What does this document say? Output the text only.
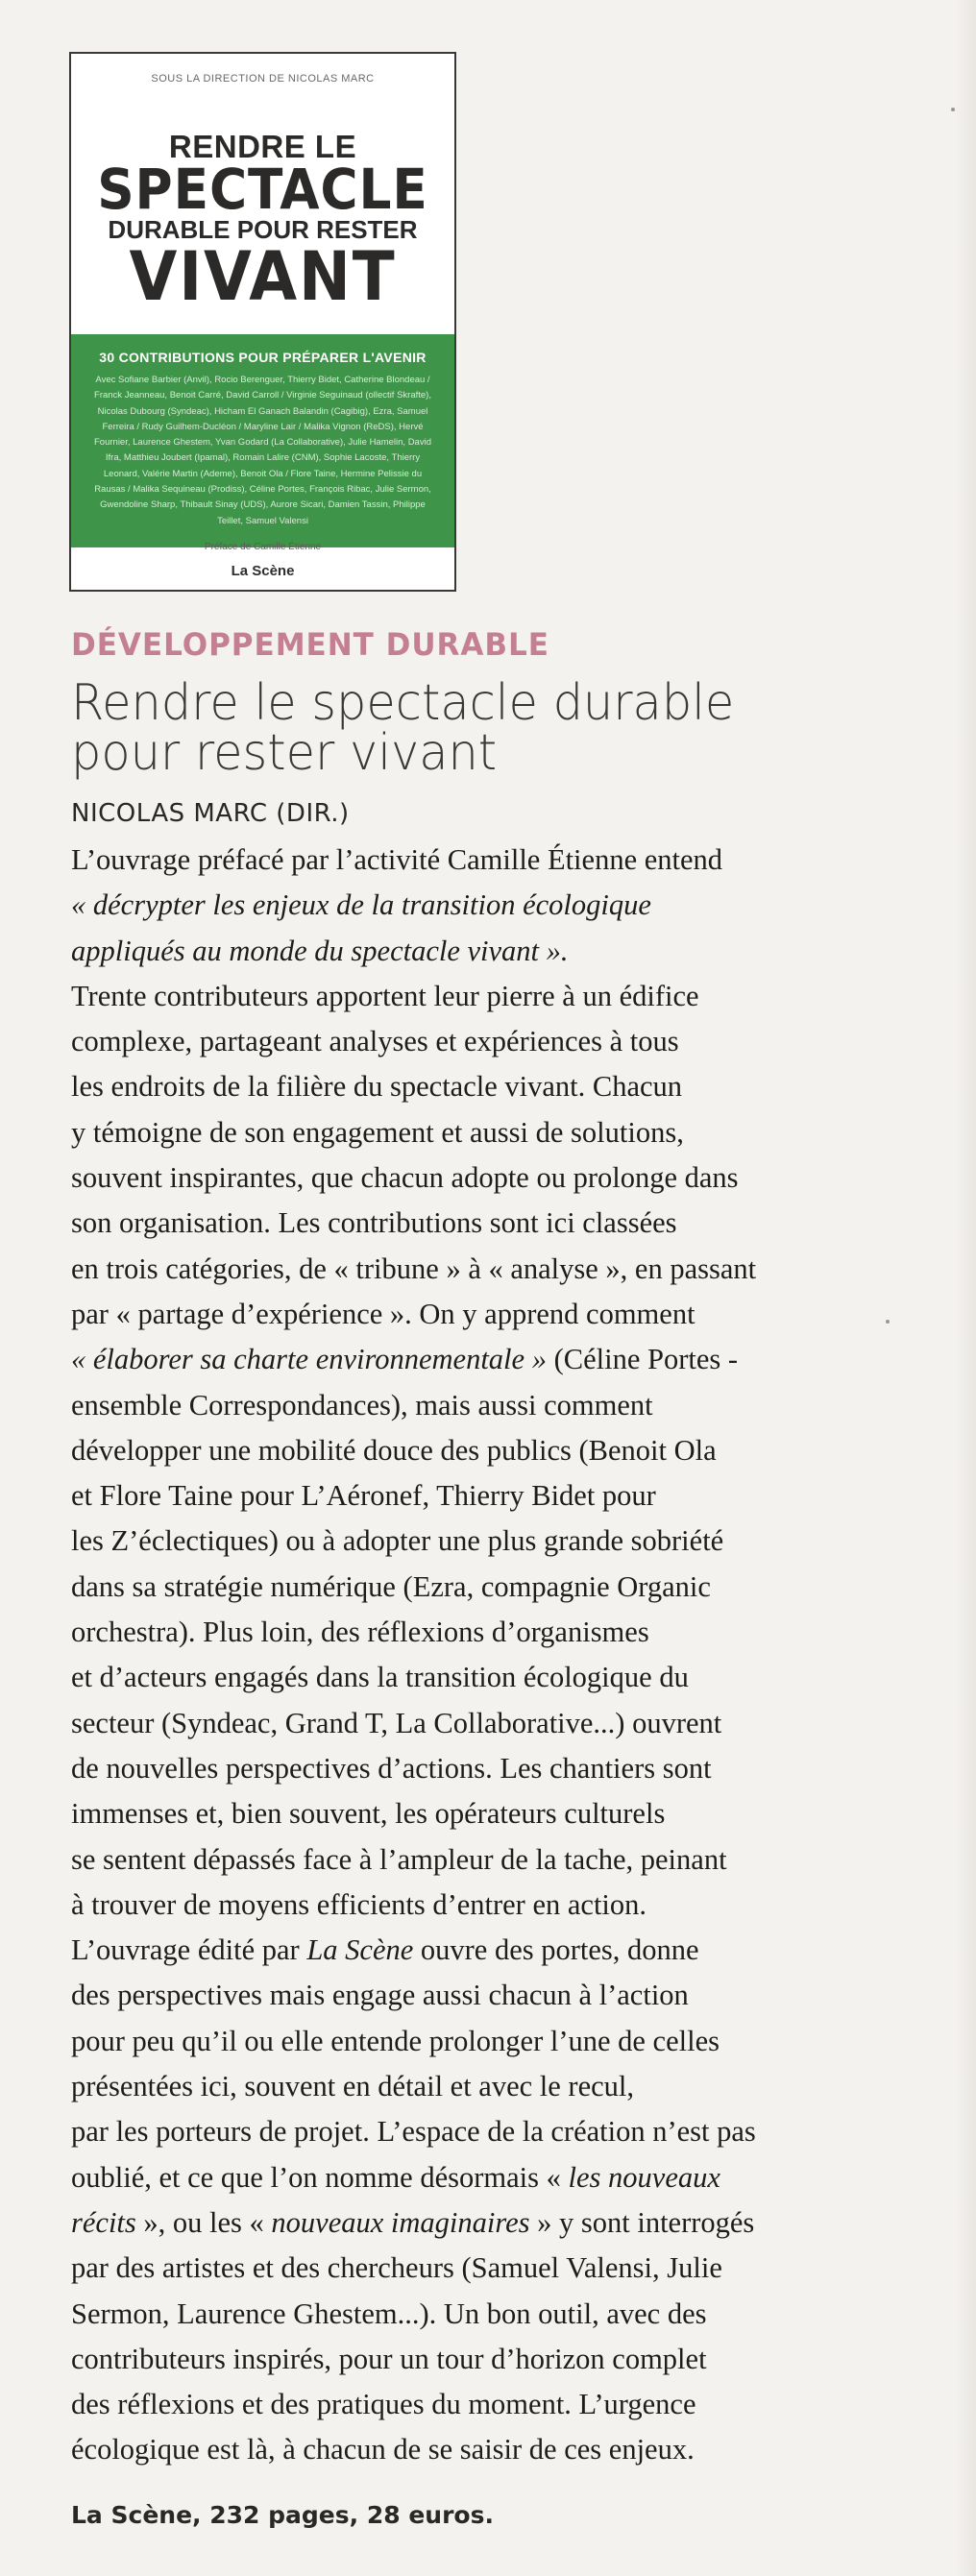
SOUS LA DIRECTION DE NICOLAS MARC
RENDRE LE
SPECTACLE
DURABLE POUR RESTER
VIVANT
30 CONTRIBUTIONS POUR PRÉPARER L'AVENIR
Avec Sofiane Barbier (Anvil), Rocio Berenguer, Thierry Bidet, Catherine Blondeau / Franck Jeanneau, Benoit Carré, David Carroll / Virginie Seguinaud (ollectif Skrafte), Nicolas Dubourg (Syndeac), Hicham El Ganach Balandin (Cagibig), Ezra, Samuel Ferreira / Rudy Guilhem-Ducléon / Maryline Lair / Malika Vignon (ReDS), Hervé Fournier, Laurence Ghestem, Yvan Godard (La Collaborative), Julie Hamelin, David Ifra, Matthieu Joubert (Ipamal), Romain Lalire (CNM), Sophie Lacoste, Thierry Leonard, Valérie Martin (Ademe), Benoit Ola / Flore Taine, Hermine Pelissie du Rausas / Malika Sequineau (Prodiss), Céline Portes, François Ribac, Julie Sermon, Gwendoline Sharp, Thibault Sinay (UDS), Aurore Sicari, Damien Tassin, Philippe Teillet, Samuel Valensi
Préface de Camille Étienne
La Scène
DÉVELOPPEMENT DURABLE
Rendre le spectacle durable
pour rester vivant
NICOLAS MARC (DIR.)
L’ouvrage préfacé par l’activité Camille Étienne entend
« décrypter les enjeux de la transition écologique
appliqués au monde du spectacle vivant ».
Trente contributeurs apportent leur pierre à un édifice
complexe, partageant analyses et expériences à tous
les endroits de la filière du spectacle vivant. Chacun
y témoigne de son engagement et aussi de solutions,
souvent inspirantes, que chacun adopte ou prolonge dans
son organisation. Les contributions sont ici classées
en trois catégories, de « tribune » à « analyse », en passant
par « partage d’expérience ». On y apprend comment
« élaborer sa charte environnementale » (Céline Portes -
ensemble Correspondances), mais aussi comment
développer une mobilité douce des publics (Benoit Ola
et Flore Taine pour L’Aéronef, Thierry Bidet pour
les Z’éclectiques) ou à adopter une plus grande sobriété
dans sa stratégie numérique (Ezra, compagnie Organic
orchestra). Plus loin, des réflexions d’organismes
et d’acteurs engagés dans la transition écologique du
secteur (Syndeac, Grand T, La Collaborative...) ouvrent
de nouvelles perspectives d’actions. Les chantiers sont
immenses et, bien souvent, les opérateurs culturels
se sentent dépassés face à l’ampleur de la tache, peinant
à trouver de moyens efficients d’entrer en action.
L’ouvrage édité par La Scène ouvre des portes, donne
des perspectives mais engage aussi chacun à l’action
pour peu qu’il ou elle entende prolonger l’une de celles
présentées ici, souvent en détail et avec le recul,
par les porteurs de projet. L’espace de la création n’est pas
oublié, et ce que l’on nomme désormais « les nouveaux
récits », ou les « nouveaux imaginaires » y sont interrogés
par des artistes et des chercheurs (Samuel Valensi, Julie
Sermon, Laurence Ghestem...). Un bon outil, avec des
contributeurs inspirés, pour un tour d’horizon complet
des réflexions et des pratiques du moment. L’urgence
écologique est là, à chacun de se saisir de ces enjeux.
La Scène, 232 pages, 28 euros.
